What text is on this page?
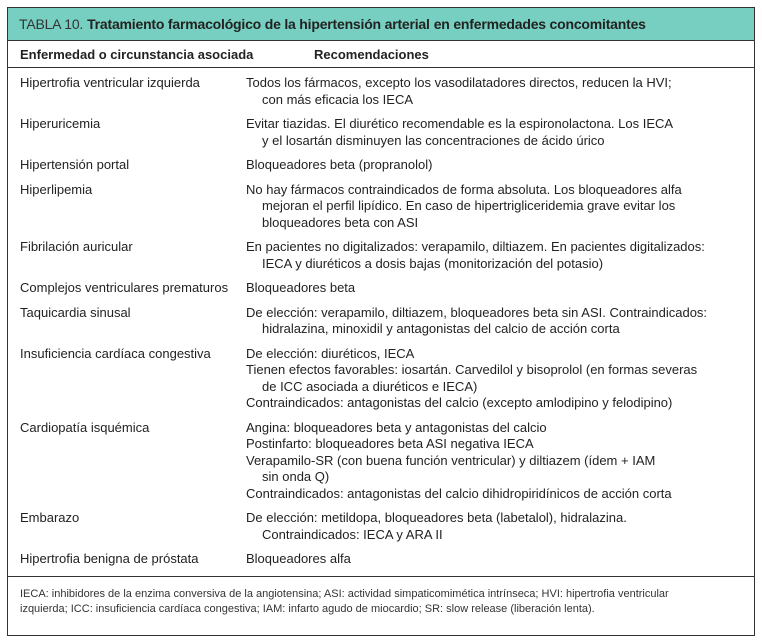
TABLA 10. Tratamiento farmacológico de la hipertensión arterial en enfermedades concomitantes
Enfermedad o circunstancia asociada	Recomendaciones
Hipertrofia ventricular izquierda	Todos los fármacos, excepto los vasodilatadores directos, reducen la HVI;
con más eficacia los IECA
Hiperuricemia	Evitar tiazidas. El diurético recomendable es la espironolactona. Los IECA
y el losartán disminuyen las concentraciones de ácido úrico
Hipertensión portal	Bloqueadores beta (propranolol)
Hiperlipemia	No hay fármacos contraindicados de forma absoluta. Los bloqueadores alfa
mejoran el perfil lipídico. En caso de hipertrigliceridemia grave evitar los
bloqueadores beta con ASI
Fibrilación auricular	En pacientes no digitalizados: verapamilo, diltiazem. En pacientes digitalizados:
IECA y diuréticos a dosis bajas (monitorización del potasio)
Complejos ventriculares prematuros	Bloqueadores beta
Taquicardia sinusal	De elección: verapamilo, diltiazem, bloqueadores beta sin ASI. Contraindicados:
hidralazina, minoxidil y antagonistas del calcio de acción corta
Insuficiencia cardíaca congestiva	De elección: diuréticos, IECA
Tienen efectos favorables: iosartán. Carvedilol y bisoprolol (en formas severas
de ICC asociada a diuréticos e IECA)
Contraindicados: antagonistas del calcio (excepto amlodipino y felodipino)
Cardiopatía isquémica	Angina: bloqueadores beta y antagonistas del calcio
Postinfarto: bloqueadores beta ASI negativa IECA
Verapamilo-SR (con buena función ventricular) y diltiazem (ídem + IAM
sin onda Q)
Contraindicados: antagonistas del calcio dihidropiridínicos de acción corta
Embarazo	De elección: metildopa, bloqueadores beta (labetalol), hidralazina.
Contraindicados: IECA y ARA II
Hipertrofia benigna de próstata	Bloqueadores alfa
IECA: inhibidores de la enzima conversiva de la angiotensina; ASI: actividad simpaticomimética intrínseca; HVI: hipertrofia ventricular
izquierda; ICC: insuficiencia cardíaca congestiva; IAM: infarto agudo de miocardio; SR: slow release (liberación lenta).
